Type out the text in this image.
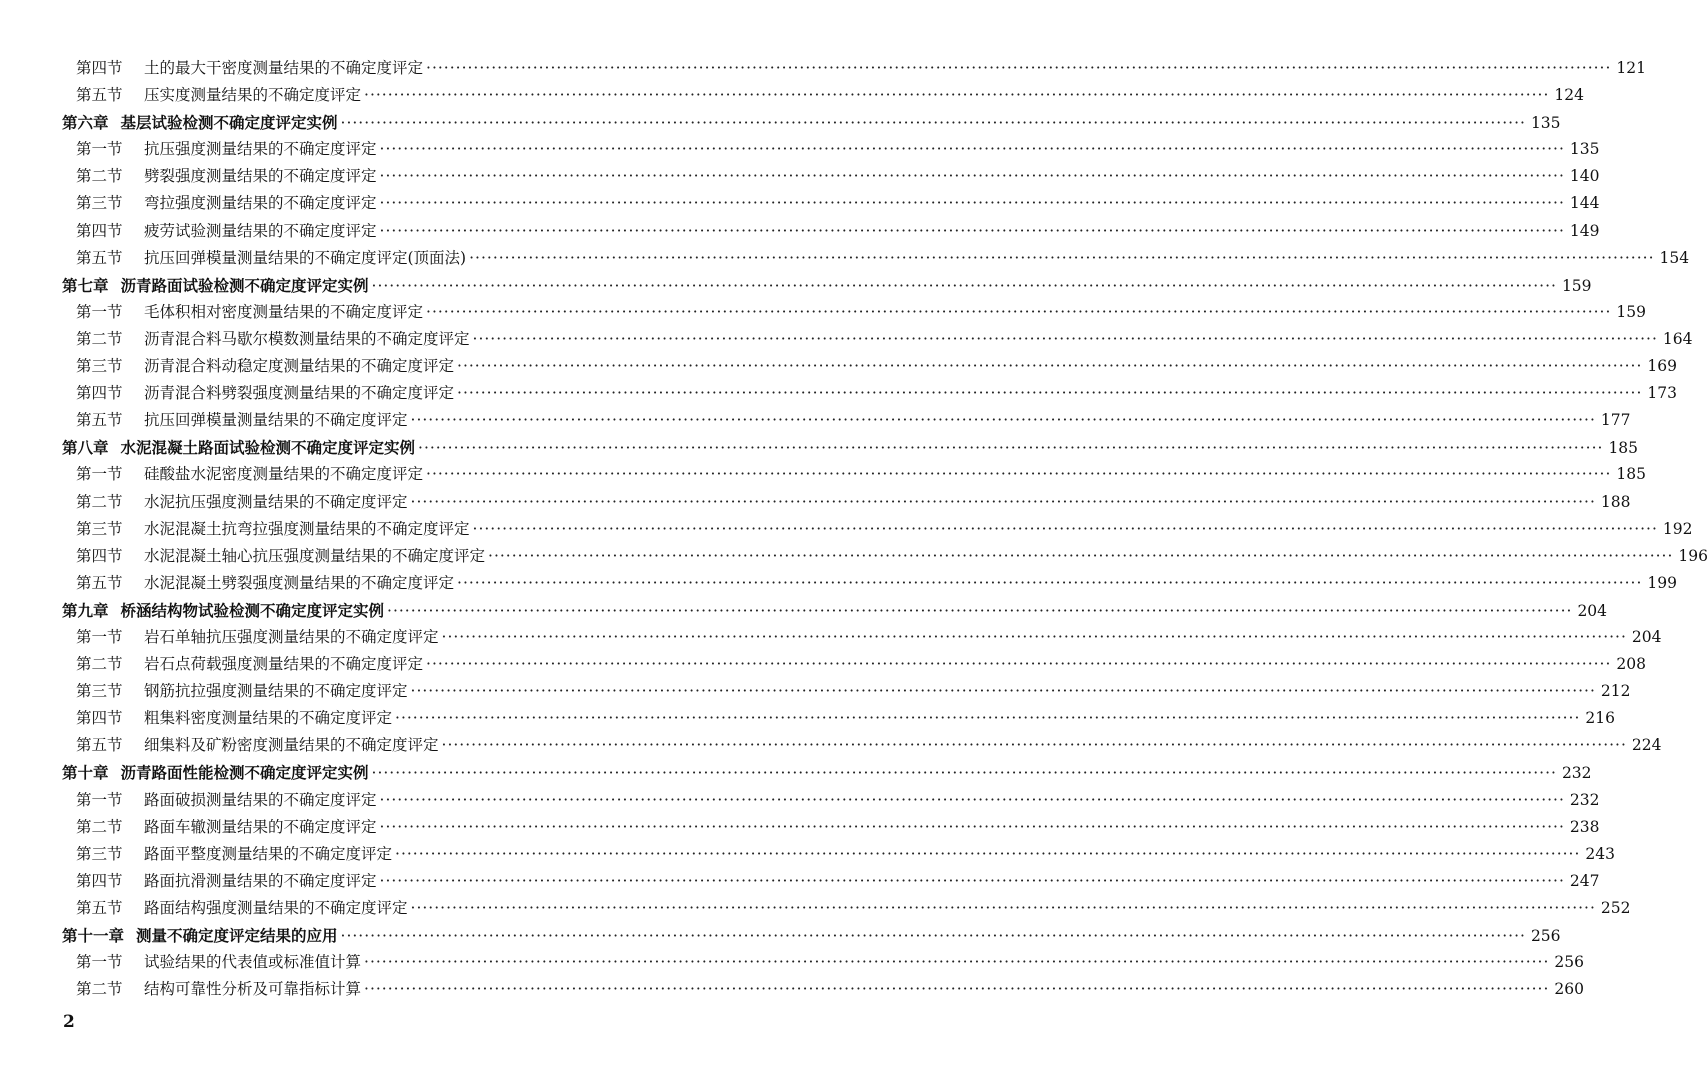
第四节	土的最大干密度测量结果的不确定度评定 ········································································································································································································ 121
第五节	压实度测量结果的不确定度评定 ········································································································································································································ 124
第六章 基层试验检测不确定度评定实例 ········································································································································································································ 135
第一节	抗压强度测量结果的不确定度评定 ········································································································································································································ 135
第二节	劈裂强度测量结果的不确定度评定 ········································································································································································································ 140
第三节	弯拉强度测量结果的不确定度评定 ········································································································································································································ 144
第四节	疲劳试验测量结果的不确定度评定 ········································································································································································································ 149
第五节	抗压回弹模量测量结果的不确定度评定(顶面法) ········································································································································································································ 154
第七章 沥青路面试验检测不确定度评定实例 ········································································································································································································ 159
第一节	毛体积相对密度测量结果的不确定度评定 ········································································································································································································ 159
第二节	沥青混合料马歇尔模数测量结果的不确定度评定 ········································································································································································································ 164
第三节	沥青混合料动稳定度测量结果的不确定度评定 ········································································································································································································ 169
第四节	沥青混合料劈裂强度测量结果的不确定度评定 ········································································································································································································ 173
第五节	抗压回弹模量测量结果的不确定度评定 ········································································································································································································ 177
第八章 水泥混凝土路面试验检测不确定度评定实例 ········································································································································································································ 185
第一节	硅酸盐水泥密度测量结果的不确定度评定 ········································································································································································································ 185
第二节	水泥抗压强度测量结果的不确定度评定 ········································································································································································································ 188
第三节	水泥混凝土抗弯拉强度测量结果的不确定度评定 ········································································································································································································ 192
第四节	水泥混凝土轴心抗压强度测量结果的不确定度评定 ········································································································································································································ 196
第五节	水泥混凝土劈裂强度测量结果的不确定度评定 ········································································································································································································ 199
第九章 桥涵结构物试验检测不确定度评定实例 ········································································································································································································ 204
第一节	岩石单轴抗压强度测量结果的不确定度评定 ········································································································································································································ 204
第二节	岩石点荷载强度测量结果的不确定度评定 ········································································································································································································ 208
第三节	钢筋抗拉强度测量结果的不确定度评定 ········································································································································································································ 212
第四节	粗集料密度测量结果的不确定度评定 ········································································································································································································ 216
第五节	细集料及矿粉密度测量结果的不确定度评定 ········································································································································································································ 224
第十章 沥青路面性能检测不确定度评定实例 ········································································································································································································ 232
第一节	路面破损测量结果的不确定度评定 ········································································································································································································ 232
第二节	路面车辙测量结果的不确定度评定 ········································································································································································································ 238
第三节	路面平整度测量结果的不确定度评定 ········································································································································································································ 243
第四节	路面抗滑测量结果的不确定度评定 ········································································································································································································ 247
第五节	路面结构强度测量结果的不确定度评定 ········································································································································································································ 252
第十一章 测量不确定度评定结果的应用 ········································································································································································································ 256
第一节	试验结果的代表值或标准值计算 ········································································································································································································ 256
第二节	结构可靠性分析及可靠指标计算 ········································································································································································································ 260
2
